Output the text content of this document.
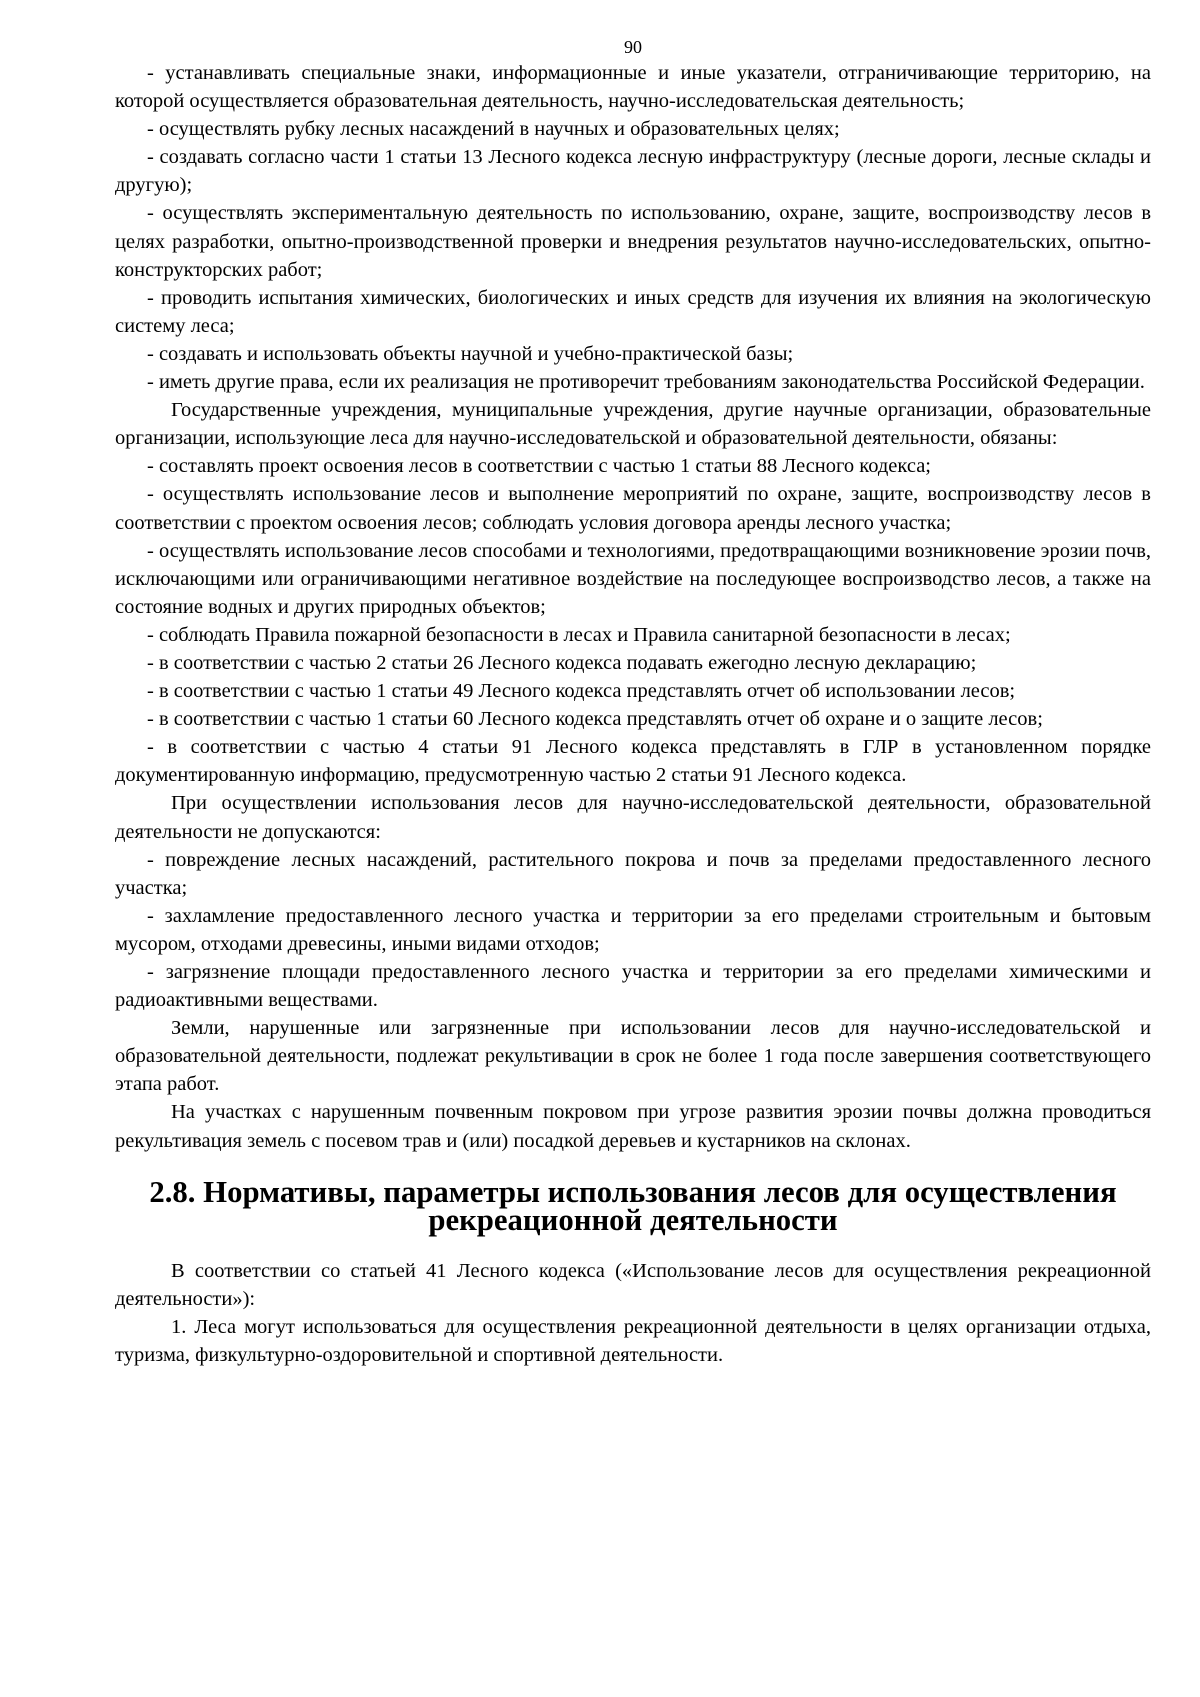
90

- устанавливать специальные знаки, информационные и иные указатели, отграничивающие территорию, на которой осуществляется образовательная деятельность, научно-исследовательская деятельность;

- осуществлять рубку лесных насаждений в научных и образовательных целях;

- создавать согласно части 1 статьи 13 Лесного кодекса лесную инфраструктуру (лесные дороги, лесные склады и другую);

- осуществлять экспериментальную деятельность по использованию, охране, защите, воспроизводству лесов в целях разработки, опытно-производственной проверки и внедрения результатов научно-исследовательских, опытно-конструкторских работ;

- проводить испытания химических, биологических и иных средств для изучения их влияния на экологическую систему леса;

- создавать и использовать объекты научной и учебно-практической базы;

- иметь другие права, если их реализация не противоречит требованиям законодательства Российской Федерации.

Государственные учреждения, муниципальные учреждения, другие научные организации, образовательные организации, использующие леса для научно-исследовательской и образовательной деятельности, обязаны:

- составлять проект освоения лесов в соответствии с частью 1 статьи 88 Лесного кодекса;

- осуществлять использование лесов и выполнение мероприятий по охране, защите, воспроизводству лесов в соответствии с проектом освоения лесов; соблюдать условия договора аренды лесного участка;

- осуществлять использование лесов способами и технологиями, предотвращающими возникновение эрозии почв, исключающими или ограничивающими негативное воздействие на последующее воспроизводство лесов, а также на состояние водных и других природных объектов;

- соблюдать Правила пожарной безопасности в лесах и Правила санитарной безопасности в лесах;

- в соответствии с частью 2 статьи 26 Лесного кодекса подавать ежегодно лесную декларацию;

- в соответствии с частью 1 статьи 49 Лесного кодекса представлять отчет об использовании лесов;

- в соответствии с частью 1 статьи 60 Лесного кодекса представлять отчет об охране и о защите лесов;

- в соответствии с частью 4 статьи 91 Лесного кодекса представлять в ГЛР в установленном порядке документированную информацию, предусмотренную частью 2 статьи 91 Лесного кодекса.

При осуществлении использования лесов для научно-исследовательской деятельности, образовательной деятельности не допускаются:

- повреждение лесных насаждений, растительного покрова и почв за пределами предоставленного лесного участка;

- захламление предоставленного лесного участка и территории за его пределами строительным и бытовым мусором, отходами древесины, иными видами отходов;

- загрязнение площади предоставленного лесного участка и территории за его пределами химическими и радиоактивными веществами.

Земли, нарушенные или загрязненные при использовании лесов для научно-исследовательской и образовательной деятельности, подлежат рекультивации в срок не более 1 года после завершения соответствующего этапа работ.

На участках с нарушенным почвенным покровом при угрозе развития эрозии почвы должна проводиться рекультивация земель с посевом трав и (или) посадкой деревьев и кустарников на склонах.

2.8. Нормативы, параметры использования лесов для осуществления рекреационной деятельности

В соответствии со статьей 41 Лесного кодекса («Использование лесов для осуществления рекреационной деятельности»):

1. Леса могут использоваться для осуществления рекреационной деятельности в целях организации отдыха, туризма, физкультурно-оздоровительной и спортивной деятельности.
